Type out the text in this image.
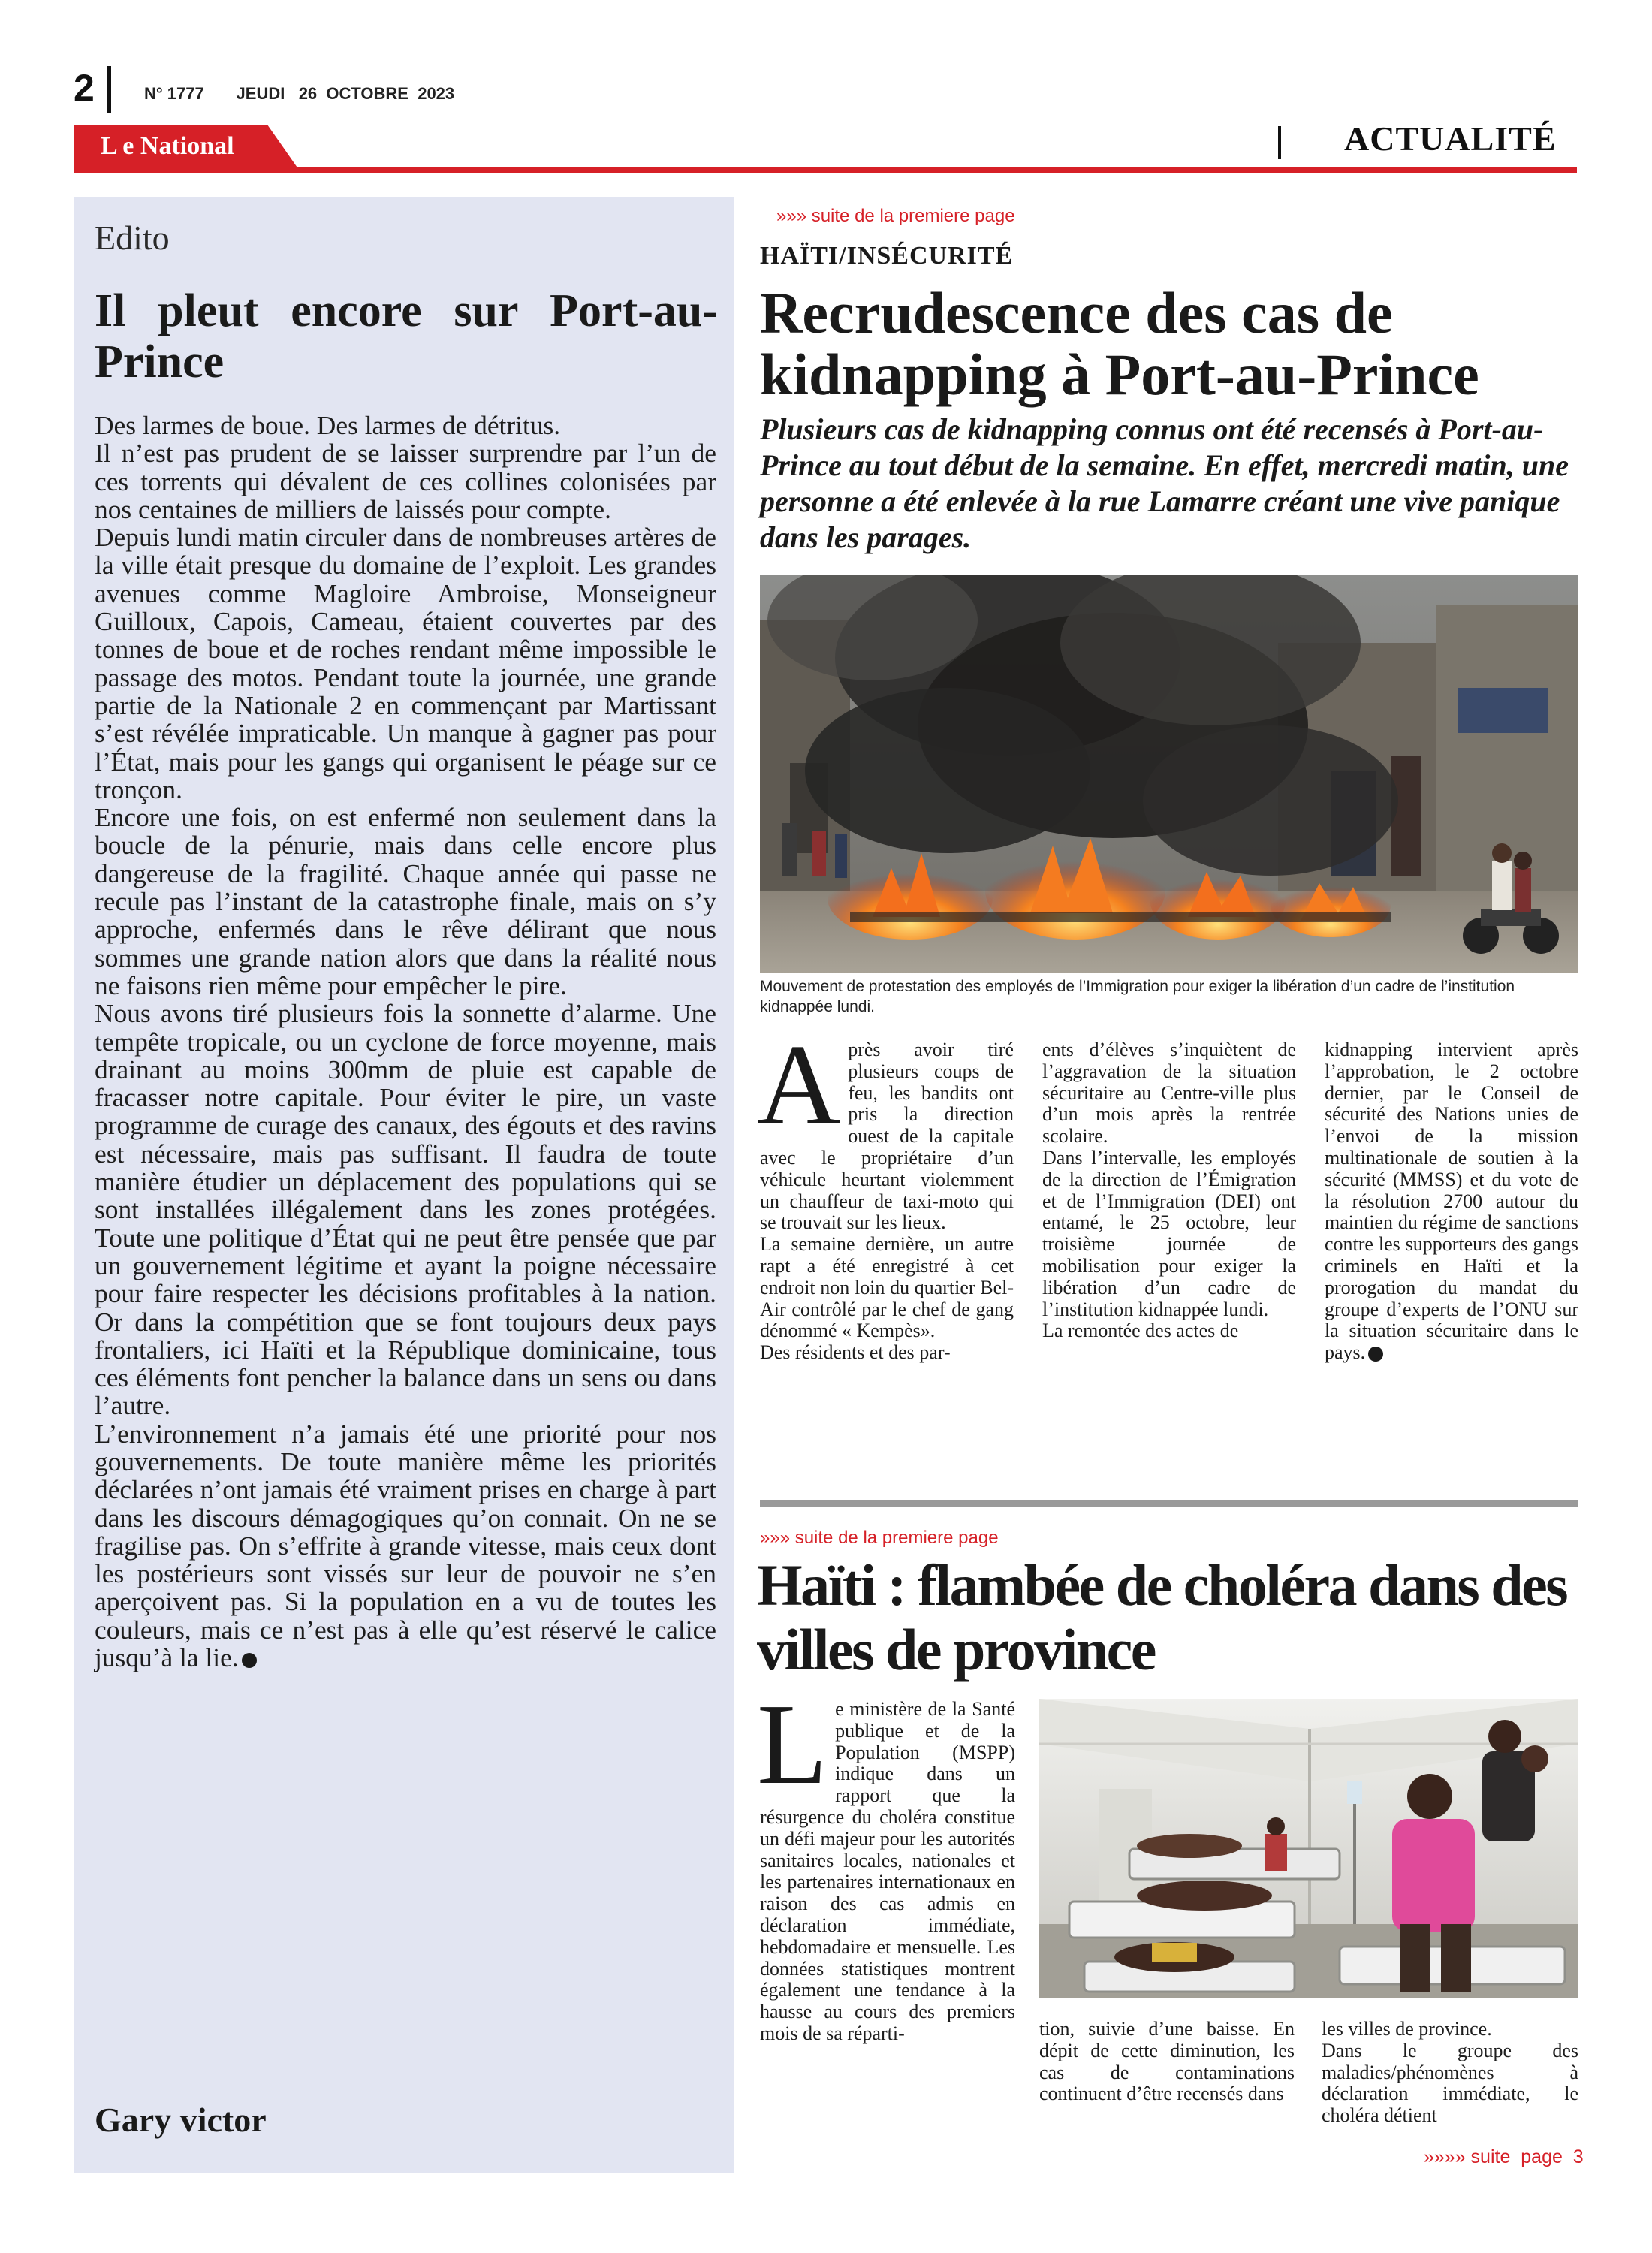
2	N° 1777 JEUDI 26  OCTOBRE  2023
L e National	ACTUALITÉ
Edito
Il pleut encore sur Port-au-Prince

Des larmes de boue. Des larmes de détritus.

Il n’est pas prudent de se laisser surprendre par l’un de ces torrents qui dévalent de ces collines colonisées par nos centaines de milliers de laissés pour compte.

Depuis lundi matin circuler dans de nombreuses artères de la ville était presque du domaine de l’exploit. Les grandes avenues comme Magloire Ambroise, Monseigneur Guilloux, Capois, Cameau, étaient couvertes par des tonnes de boue et de roches rendant même impossible le passage des motos. Pendant toute la journée, une grande partie de la Nationale 2 en commençant par Martissant s’est révélée impraticable. Un manque à gagner pas pour l’État, mais pour les gangs qui organisent le péage sur ce tronçon.

Encore une fois, on est enfermé non seulement dans la boucle de la pénurie, mais dans celle encore plus dangereuse de la fragilité. Chaque année qui passe ne recule pas l’instant de la catastrophe finale, mais on s’y approche, enfermés dans le rêve délirant que nous sommes une grande nation alors que dans la réalité nous ne faisons rien même pour empêcher le pire.

Nous avons tiré plusieurs fois la sonnette d’alarme. Une tempête tropicale, ou un cyclone de force moyenne, mais drainant au moins 300mm de pluie est capable de fracasser notre capitale. Pour éviter le pire, un vaste programme de curage des canaux, des égouts et des ravins est nécessaire, mais pas suffisant. Il faudra de toute manière étudier un déplacement des populations qui se sont installées illégalement dans les zones protégées. Toute une politique d’État qui ne peut être pensée que par un gouvernement légitime et ayant la poigne nécessaire pour faire respecter les décisions profitables à la nation. Or dans la compétition que se font toujours deux pays frontaliers, ici Haïti et la République dominicaine, tous ces éléments font pencher la balance dans un sens ou dans l’autre.

L’environnement n’a jamais été une priorité pour nos gouvernements. De toute manière même les priorités déclarées n’ont jamais été vraiment prises en charge à part dans les discours démagogiques qu’on connait. On ne se fragilise pas. On s’effrite à grande vitesse, mais ceux dont les postérieurs sont vissés sur leur de pouvoir ne s’en aperçoivent pas. Si la population en a vu de toutes les couleurs, mais ce n’est pas à elle qu’est réservé le calice jusqu’à la lie.

Gary victor
»»» suite de la premiere page
HAÏTI/INSÉCURITÉ
Recrudescence des cas de kidnapping à Port-au-Prince
Plusieurs cas de kidnapping connus ont été recensés à Port-au-Prince au tout début de la semaine. En effet, mercredi matin, une personne a été enlevée à la rue Lamarre créant une vive panique dans les parages.
Mouvement de protestation des employés de l’Immigration pour exiger la libération d’un cadre de l’institution kidnappée lundi.
A près avoir tiré plusieurs coups de feu, les bandits ont pris la direction ouest de la capitale avec le propriétaire d’un véhicule heurtant violemment un chauffeur de taxi-moto qui se trouvait sur les lieux.

La semaine dernière, un autre rapt a été enregistré à cet endroit non loin du quartier Bel-Air contrôlé par le chef de gang dénommé « Kempès».

Des résidents et des par-

ents d’élèves s’inquiètent de l’aggravation de la situation sécuritaire au Centre-ville plus d’un mois après la rentrée scolaire.

Dans l’intervalle, les employés de la direction de l’Émigration et de l’Immigration (DEI) ont entamé, le 25 octobre, leur troisième journée de mobilisation pour exiger la libération d’un cadre de l’institution kidnappée lundi.

La remontée des actes de

kidnapping intervient après l’approbation, le 2 octobre dernier, par le Conseil de sécurité des Nations unies de l’envoi de la mission multinationale de soutien à la sécurité (MMSS) et du vote de la résolution 2700 autour du maintien du régime de sanctions contre les supporteurs des gangs criminels en Haïti et la prorogation du mandat du groupe d’experts de l’ONU sur la situation sécuritaire dans le pays.

»»» suite de la premiere page
Haïti : flambée de choléra dans des villes de province
L e ministère de la Santé publique et de la Population (MSPP) indique dans un rapport que la résurgence du choléra constitue un défi majeur pour les autorités sanitaires locales, nationales et les partenaires internationaux en raison des cas admis en déclaration immédiate, hebdomadaire et mensuelle. Les données statistiques montrent également une tendance à la hausse au cours des premiers mois de sa réparti-	tion, suivie d’une baisse. En dépit de cette diminution, les cas de contaminations continuent d’être recensés dans

les villes de province.

Dans le groupe des maladies/phénomènes à déclaration immédiate, le choléra détient

»»»» suite  page  3
